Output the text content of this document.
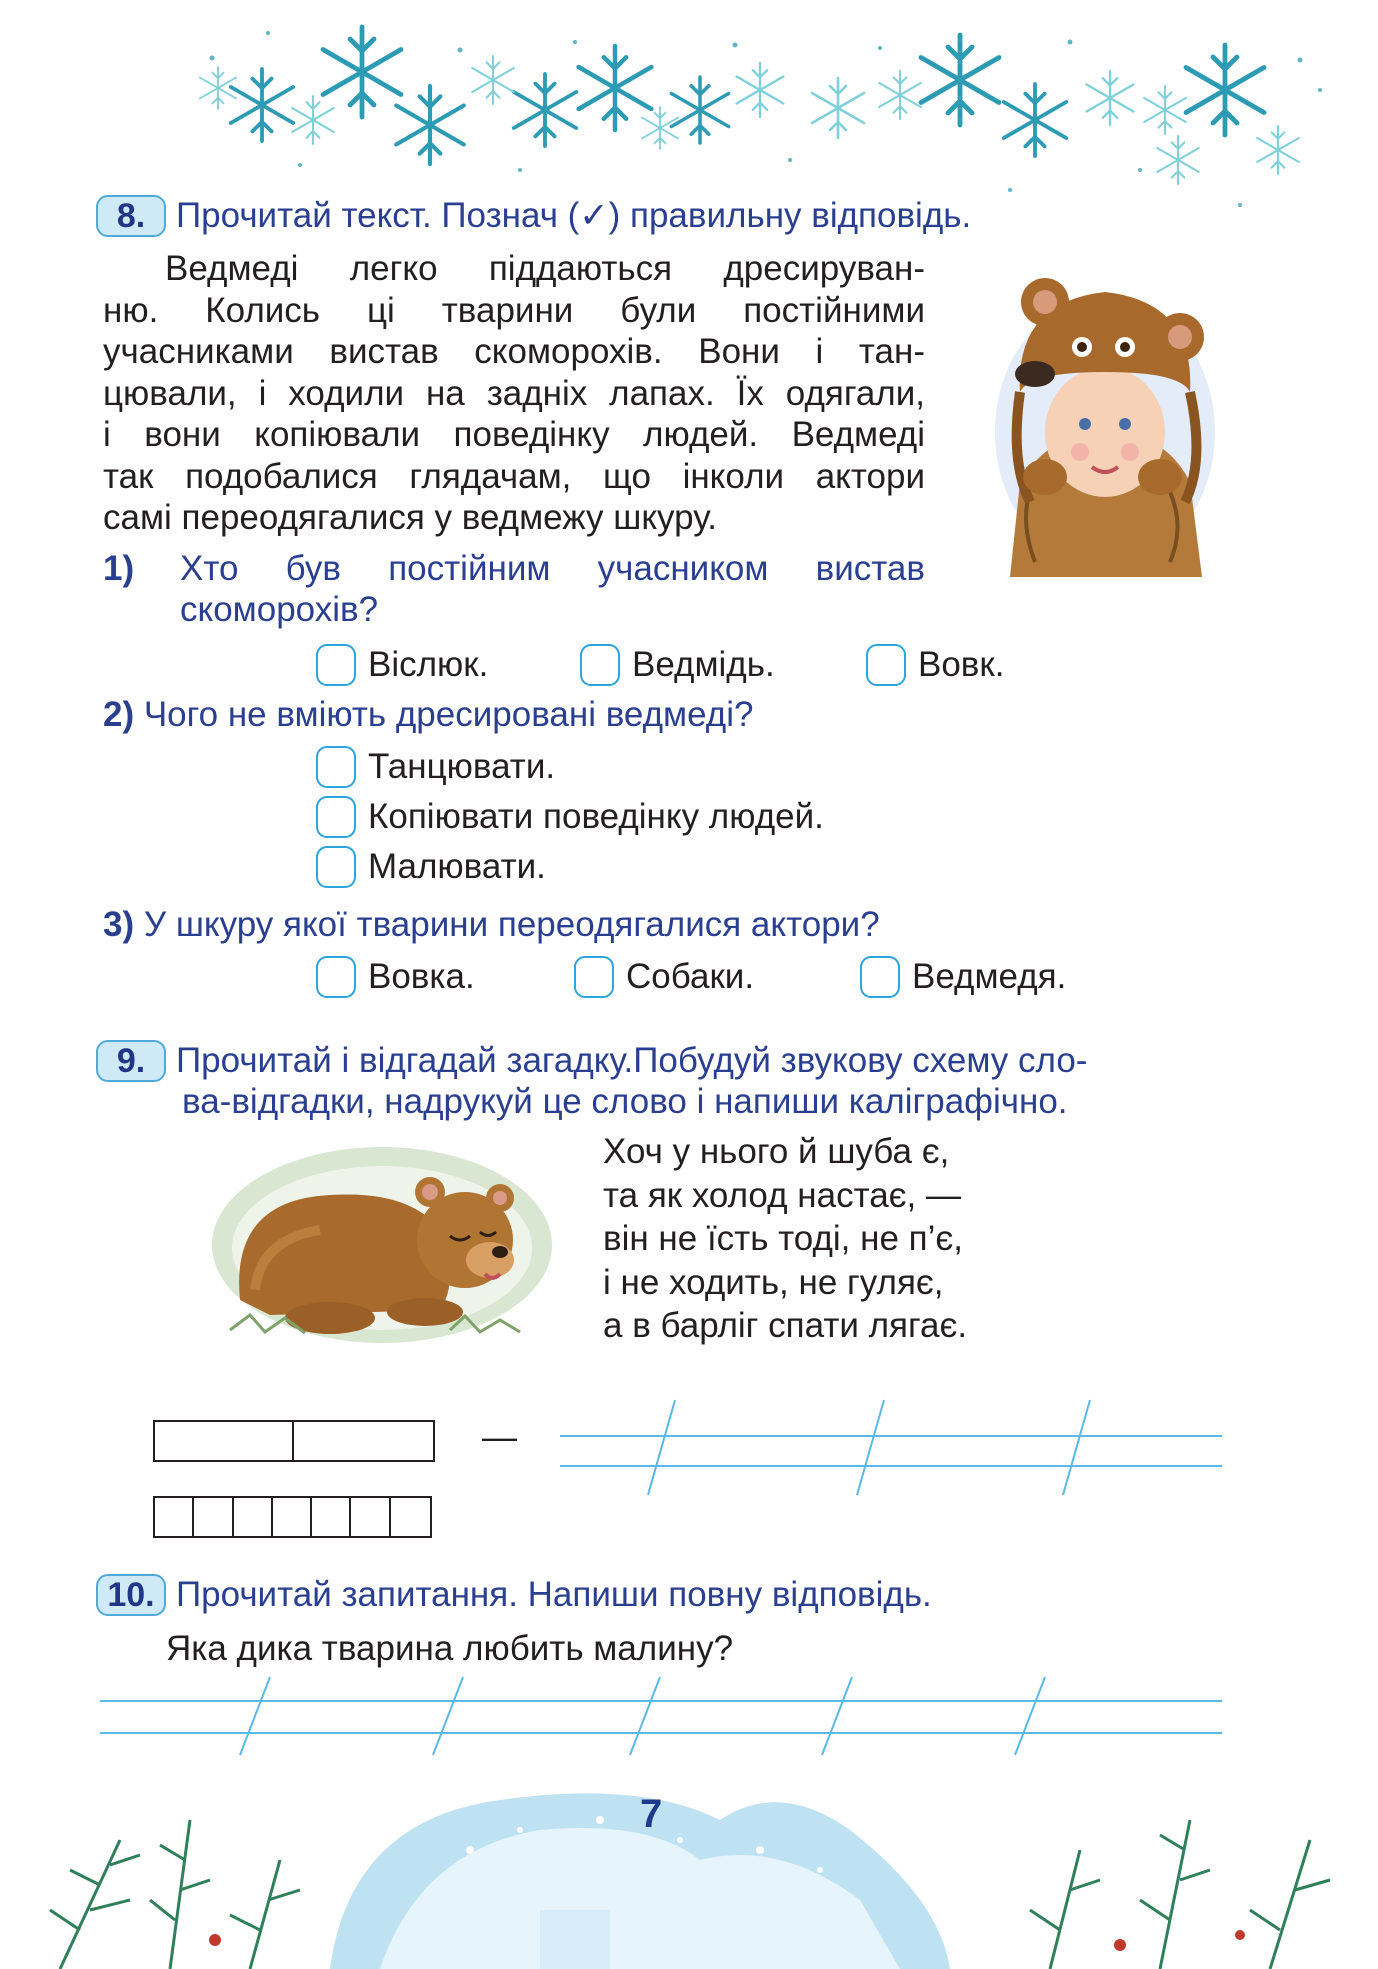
8. Прочитай текст. Познач (✓) правильну відповідь.
Ведмеді легко піддаються дресируван-
ню. Колись ці тварини були постійними
учасниками вистав скоморохів. Вони і тан-
цювали, і ходили на задніх лапах. Їх одягали,
і вони копіювали поведінку людей. Ведмеді
так подобалися глядачам, що інколи актори
самі переодягалися у ведмежу шкуру.
1) Хто був постійним учасником вистав
скоморохів?
Віслюк.	Ведмідь.	Вовк.
2) Чого не вміють дресировані ведмеді?
Танцювати.
Копіювати поведінку людей.
Малювати.
3) У шкуру якої тварини переодягалися актори?
Вовка.	Собаки.	Ведмедя.
9. Прочитай і відгадай загадку.Побудуй звукову схему сло-
ва-відгадки, надрукуй це слово і напиши каліграфічно.
Хоч у нього й шуба є,
та як холод настає, —
він не їсть тоді, не п’є,
і не ходить, не гуляє,
а в барліг спати лягає.
—
10. Прочитай запитання. Напиши повну відповідь.
Яка дика тварина любить малину?
7
